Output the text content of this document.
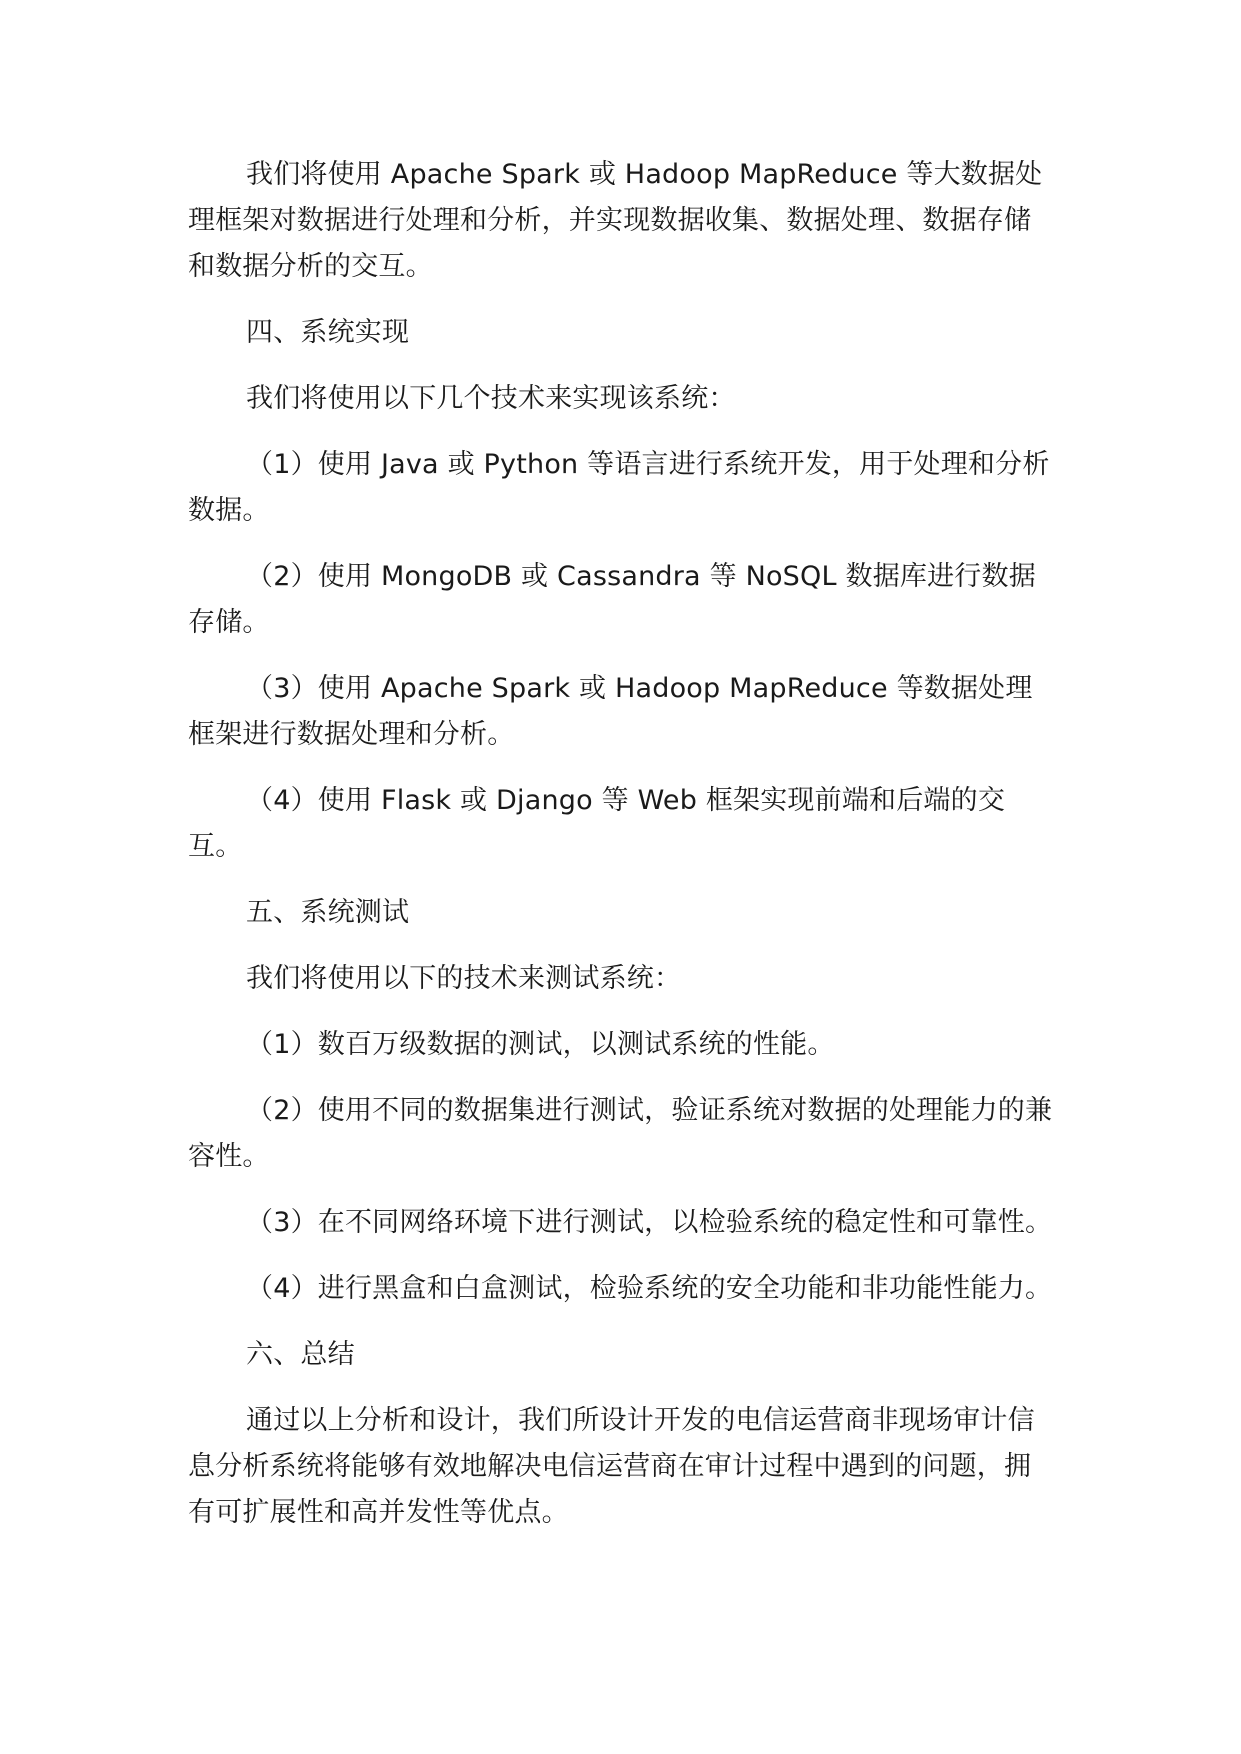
我们将使用 Apache Spark 或 Hadoop MapReduce 等大数据处理框架对数据进行处理和分析，并实现数据收集、数据处理、数据存储和数据分析的交互。

四、系统实现

我们将使用以下几个技术来实现该系统：

（1）使用 Java 或 Python 等语言进行系统开发，用于处理和分析数据。

（2）使用 MongoDB 或 Cassandra 等 NoSQL 数据库进行数据存储。

（3）使用 Apache Spark 或 Hadoop MapReduce 等数据处理框架进行数据处理和分析。

（4）使用 Flask 或 Django 等 Web 框架实现前端和后端的交互。

五、系统测试

我们将使用以下的技术来测试系统：

（1）数百万级数据的测试，以测试系统的性能。

（2）使用不同的数据集进行测试，验证系统对数据的处理能力的兼容性。

（3）在不同网络环境下进行测试，以检验系统的稳定性和可靠性。

（4）进行黑盒和白盒测试，检验系统的安全功能和非功能性能力。

六、总结

通过以上分析和设计，我们所设计开发的电信运营商非现场审计信息分析系统将能够有效地解决电信运营商在审计过程中遇到的问题，拥有可扩展性和高并发性等优点。
